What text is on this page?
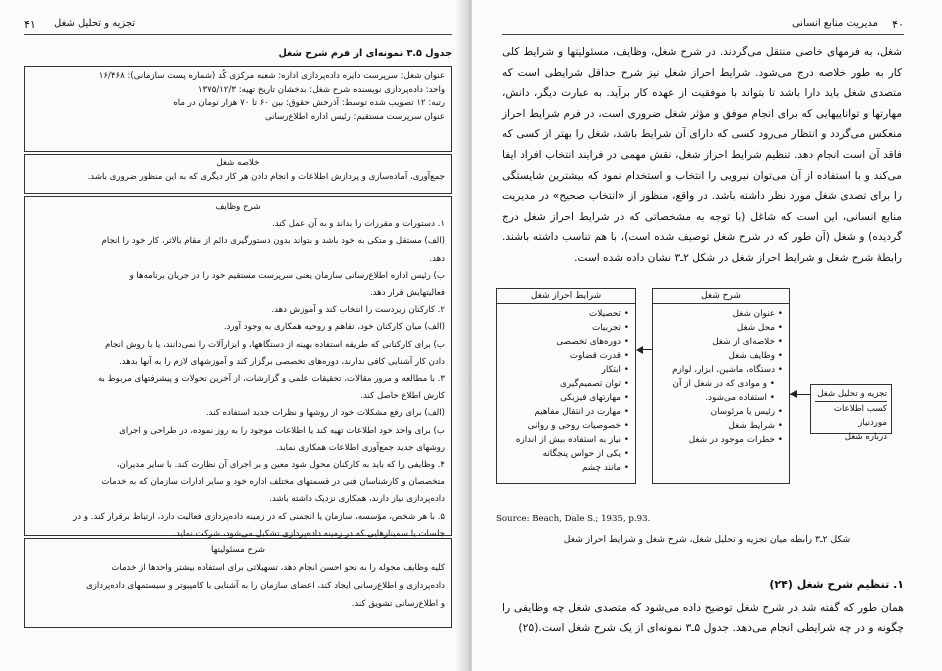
۴۱ تجزیه و تحلیل شغل
جدول ۳.۵ نمونه‌ای از فرم شرح شغل
عنوان شغل: سرپرست دایره داده‌پردازی اداره: شعبه مرکزی کُد (شماره پست سازمانی): ۱۶/۴۶۸
واحد: داده‌پردازی نویسنده شرح شغل: بدخشان تاریخ تهیه: ۱۳۷۵/۱۲/۳
رتبه: ۱۲ تصویب شده توسط: آذرخش حقوق: بین ۶۰ تا ۷۰ هزار تومان در ماه
عنوان سرپرست مستقیم: رئیس اداره اطلاع‌رسانی
خلاصه شغل
جمع‌آوری، آماده‌سازی و پردازش اطلاعات و انجام دادن هر کار دیگری که به این منظور ضروری باشد.
شرح وظایف
۱. دستورات و مقررات را بداند و به آن عمل کند.
(الف) مستقل و متکی به خود باشد و بتواند بدون دستورگیری دائم از مقام بالاتر، کار خود را انجام
دهد.
ب) رئیس اداره اطلاع‌رسانی سازمان یعنی سرپرست مستقیم خود را در جریان برنامه‌ها و
فعالیتهایش قرار دهد.
۲. کارکنان زیردست را انتخاب کند و آموزش دهد.
(الف) میان کارکنان خود، تفاهم و روحیه همکاری به وجود آورد.
ب) برای کارکنانی که طریقه استفاده بهینه از دستگاهها، و ابزارآلات را نمی‌دانند، یا با روش انجام
دادن کار آشنایی کافی ندارند، دوره‌های تخصصی برگزار کند و آموزشهای لازم را به آنها بدهد.
۳. با مطالعه و مرور مقالات، تحقیقات علمی و گزارشات، از آخرین تحولات و پیشرفتهای مربوط به
کارش اطلاع حاصل کند.
(الف) برای رفع مشکلات خود از روشها و نظرات جدید استفاده کند.
ب) برای واحد خود اطلاعات تهیه کند یا اطلاعات موجود را به روز نموده، در طراحی و اجرای
روشهای جدید جمع‌آوری اطلاعات همکاری نماید.
۴. وظایفی را که باید به کارکنان محول شود معین و بر اجرای آن نظارت کند. با سایر مدیران،
متخصصان و کارشناسان فنی در قسمتهای مختلف اداره خود و سایر ادارات سازمان که به خدمات
داده‌پردازی نیاز دارند، همکاری نزدیک داشته باشد.
۵. با هر شخص، مؤسسه، سازمان یا انجمنی که در زمینه داده‌پردازی فعالیت دارد، ارتباط برقرار کند. و در
جلسات یا سمینارهایی که در زمینه داده‌پردازی تشکیل می‌شود، شرکت نماید.
شرح مسئولیتها
کلیه وظایف محوله را به نحو احسن انجام دهد، تسهیلاتی برای استفاده بیشتر واحدها از خدمات
داده‌پردازی و اطلاع‌رسانی ایجاد کند، اعضای سازمان را به آشنایی با کامپیوتر و سیستمهای داده‌پردازی
و اطلاع‌رسانی تشویق کند.
۴۰
مدیریت منابع انسانی
شغل، به فرمهای خاصی منتقل می‌گردند. در شرح شغل، وظایف، مسئولیتها و شرایط کلی کار به طور خلاصه درج می‌شود. شرایط احراز شغل نیز شرح حداقل شرایطی است که متصدی شغل باید دارا باشد تا بتواند با موفقیت از عهده کار برآید. به عبارت دیگر، دانش، مهارتها و تواناییهایی که برای انجام موفق و مؤثر شغل ضروری است، در فرم شرایط احراز منعکس می‌گردد و انتظار می‌رود کسی که دارای آن شرایط باشد، شغل را بهتر از کسی که فاقد آن است انجام دهد. تنظیم شرایط احراز شغل، نقش مهمی در فرایند انتخاب افراد ایفا می‌کند و با استفاده از آن می‌توان نیرویی را انتخاب و استخدام نمود که بیشترین شایستگی را برای تصدی شغل مورد نظر داشته باشد. در واقع، منظور از «انتخاب صحیح» در مدیریت منابع انسانی، این است که شاغل (با توجه به مشخصاتی که در شرایط احراز شغل درج گردیده) و شغل (آن طور که در شرح شغل توصیف شده است)، با هم تناسب داشته باشند. رابطهٔ شرح شغل و شرایط احراز شغل در شکل ۲ـ۳ نشان داده شده است.
شرایط احراز شغل
• تحصیلات
• تجربیات
• دوره‌های تخصصی
• قدرت قضاوت
• ابتکار
• توان تصمیم‌گیری
• مهارتهای فیزیکی
• مهارت در انتقال مفاهیم
• خصوصیات روحی و روانی
• نیاز به استفاده بیش از اندازه
• یکی از حواس پنجگانه
• مانند چشم
شرح شغل
• عنوان شغل
• محل شغل
• خلاصه‌ای از شغل
• وظایف شغل
• دستگاه، ماشین، ابزار، لوازم
• و موادی که در شغل از آن
• استفاده می‌شود.
• رئیس یا مرئوسان
• شرایط شغل
• خطرات موجود در شغل
تجزیه و تحلیل شغل
کسب اطلاعات موردنیاز
درباره شغل
Source: Beach, Dale S.; 1935, p.93.
شکل ۲ـ۳ رابطه میان تجزیه و تحلیل شغل، شرح شغل و شرایط احراز شغل
۱. تنظیم شرح شغل (۲۴)
همان طور که گفته شد در شرح شغل توضیح داده می‌شود که متصدی شغل چه وظایفی را چگونه و در چه شرایطی انجام می‌دهد. جدول ۵ـ۳ نمونه‌ای از یک شرح شغل است.(۲۵)
